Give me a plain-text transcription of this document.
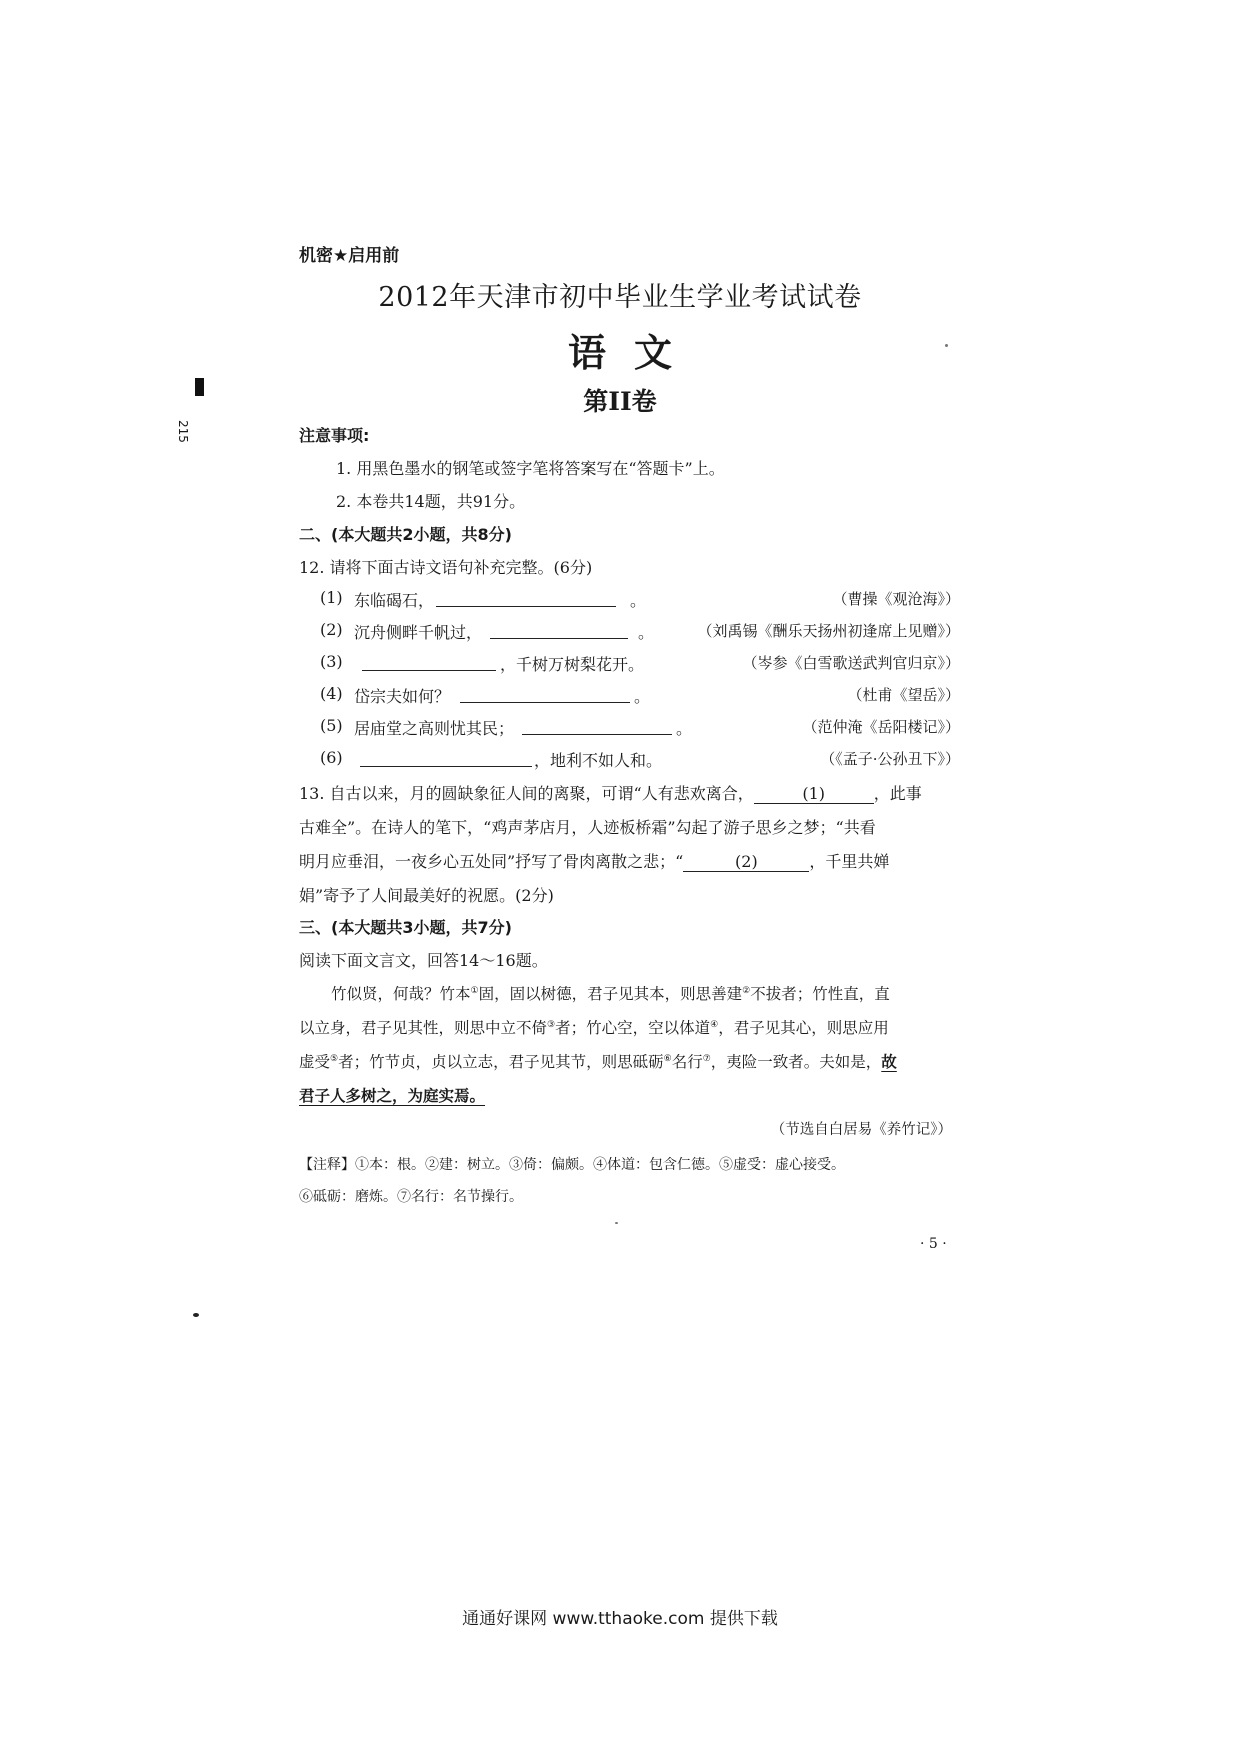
机密★启用前
2012年天津市初中毕业生学业考试试卷
语文
第II卷
215	注意事项:
1. 用黑色墨水的钢笔或签字笔将答案写在“答题卡”上。
2. 本卷共14题，共91分。
二、(本大题共2小题，共8分)
12. 请将下面古诗文语句补充完整。(6分)
(1) 东临碣石，	。	（曹操《观沧海》）
(2) 沉舟侧畔千帆过，	。	（刘禹锡《酬乐天扬州初逢席上见赠》）
(3)	，千树万树梨花开。	（岑参《白雪歌送武判官归京》）
(4) 岱宗夫如何？	。	（杜甫《望岳》）
(5) 居庙堂之高则忧其民；	。	（范仲淹《岳阳楼记》）
(6)	，地利不如人和。	（《孟子·公孙丑下》）
13. 自古以来，月的圆缺象征人间的离聚，可谓“人有悲欢离合，	(1)	，此事
古难全”。在诗人的笔下，“鸡声茅店月，人迹板桥霜”勾起了游子思乡之梦；“共看
明月应垂泪，一夜乡心五处同”抒写了骨肉离散之悲；“	(2)	，千里共婵
娟”寄予了人间最美好的祝愿。(2分)
三、(本大题共3小题，共7分)
阅读下面文言文，回答14～16题。
竹似贤，何哉？竹本①固，固以树德，君子见其本，则思善建②不拔者；竹性直，直
以立身，君子见其性，则思中立不倚③者；竹心空，空以体道④，君子见其心，则思应用
虚受⑤者；竹节贞，贞以立志，君子见其节，则思砥砺⑥名行⑦，夷险一致者。夫如是，故
君子人多树之，为庭实焉。
（节选自白居易《养竹记》）
【注释】①本：根。②建：树立。③倚：偏颇。④体道：包含仁德。⑤虚受：虚心接受。
⑥砥砺：磨炼。⑦名行：名节操行。
· 5 ·
通通好课网 www.tthaoke.com 提供下载
